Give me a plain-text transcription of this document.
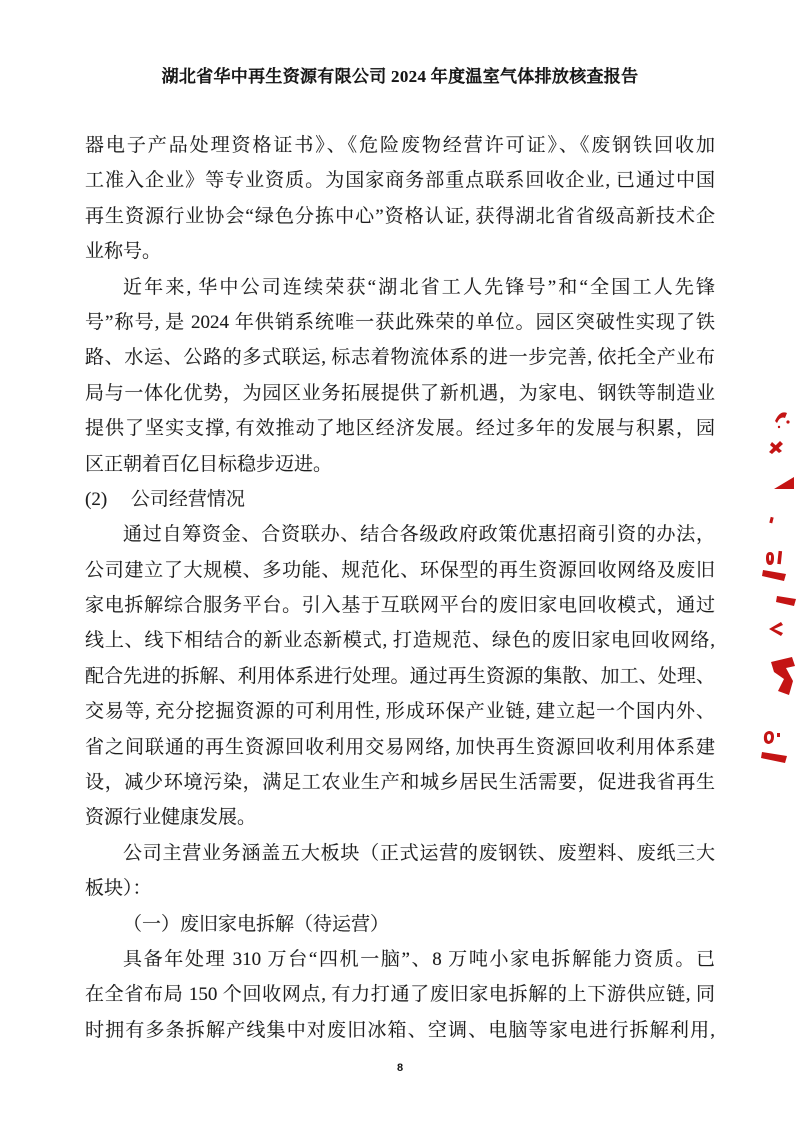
湖北省华中再生资源有限公司 2024 年度温室气体排放核查报告
器电子产品处理资格证书》、《危险废物经营许可证》、《废钢铁回收加
工准入企业》等专业资质。为国家商务部重点联系回收企业, 已通过中国
再生资源行业协会“绿色分拣中心”资格认证, 获得湖北省省级高新技术企
业称号。
近年来, 华中公司连续荣获“湖北省工人先锋号”和“全国工人先锋
号”称号, 是 2024 年供销系统唯一获此殊荣的单位。园区突破性实现了铁
路、水运、公路的多式联运, 标志着物流体系的进一步完善, 依托全产业布
局与一体化优势，为园区业务拓展提供了新机遇，为家电、钢铁等制造业
提供了坚实支撑, 有效推动了地区经济发展。经过多年的发展与积累，园
区正朝着百亿目标稳步迈进。
(2)　 公司经营情况
通过自筹资金、合资联办、结合各级政府政策优惠招商引资的办法，
公司建立了大规模、多功能、规范化、环保型的再生资源回收网络及废旧
家电拆解综合服务平台。引入基于互联网平台的废旧家电回收模式，通过
线上、线下相结合的新业态新模式, 打造规范、绿色的废旧家电回收网络,
配合先进的拆解、利用体系进行处理。通过再生资源的集散、加工、处理、
交易等, 充分挖掘资源的可利用性, 形成环保产业链, 建立起一个国内外、
省之间联通的再生资源回收利用交易网络, 加快再生资源回收利用体系建
设，减少环境污染，满足工农业生产和城乡居民生活需要，促进我省再生
资源行业健康发展。
公司主营业务涵盖五大板块（正式运营的废钢铁、废塑料、废纸三大
板块）：
（一）废旧家电拆解（待运营）
具备年处理 310 万台“四机一脑”、8 万吨小家电拆解能力资质。已
在全省布局 150 个回收网点, 有力打通了废旧家电拆解的上下游供应链, 同
时拥有多条拆解产线集中对废旧冰箱、空调、电脑等家电进行拆解利用,
8
